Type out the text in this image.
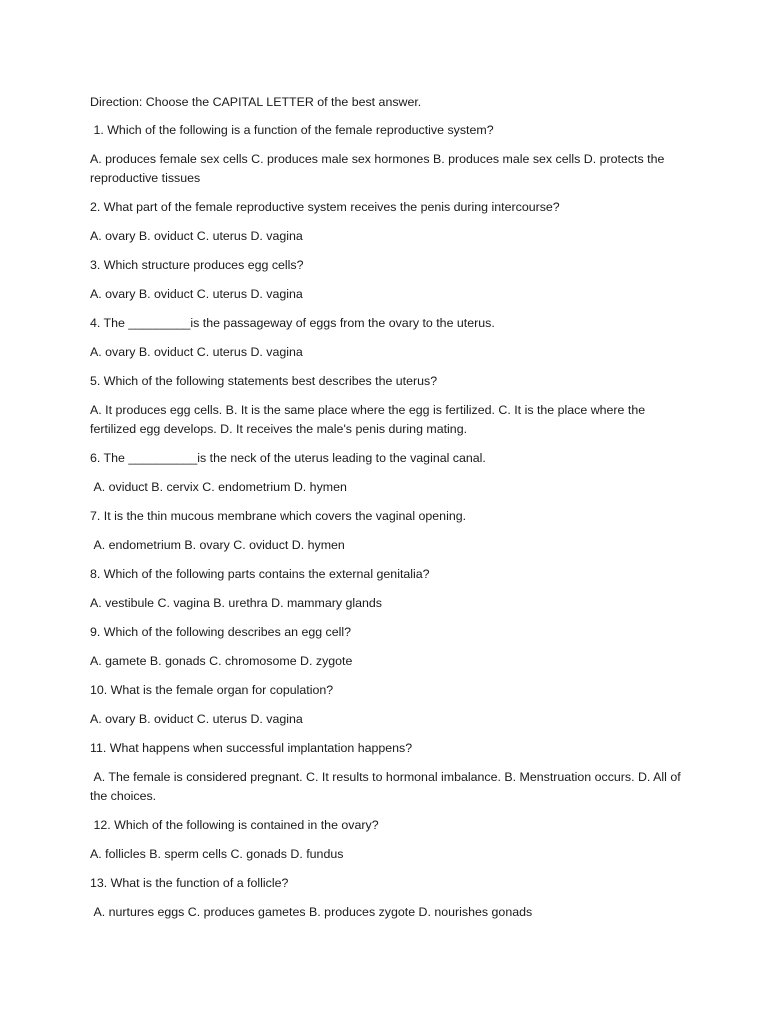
Direction: Choose the CAPITAL LETTER of the best answer.

1. Which of the following is a function of the female reproductive system?

A. produces female sex cells C. produces male sex hormones B. produces male sex cells D. protects the reproductive tissues

2. What part of the female reproductive system receives the penis during intercourse?

A. ovary B. oviduct C. uterus D. vagina

3. Which structure produces egg cells?

A. ovary B. oviduct C. uterus D. vagina

4. The _________is the passageway of eggs from the ovary to the uterus.

A. ovary B. oviduct C. uterus D. vagina

5. Which of the following statements best describes the uterus?

A. It produces egg cells. B. It is the same place where the egg is fertilized. C. It is the place where the fertilized egg develops. D. It receives the male's penis during mating.

6. The __________is the neck of the uterus leading to the vaginal canal.

A. oviduct B. cervix C. endometrium D. hymen

7. It is the thin mucous membrane which covers the vaginal opening.

A. endometrium B. ovary C. oviduct D. hymen

8. Which of the following parts contains the external genitalia?

A. vestibule C. vagina B. urethra D. mammary glands

9. Which of the following describes an egg cell?

A. gamete B. gonads C. chromosome D. zygote

10. What is the female organ for copulation?

A. ovary B. oviduct C. uterus D. vagina

11. What happens when successful implantation happens?

A. The female is considered pregnant. C. It results to hormonal imbalance. B. Menstruation occurs. D. All of the choices.

12. Which of the following is contained in the ovary?

A. follicles B. sperm cells C. gonads D. fundus

13. What is the function of a follicle?

A. nurtures eggs C. produces gametes B. produces zygote D. nourishes gonads
